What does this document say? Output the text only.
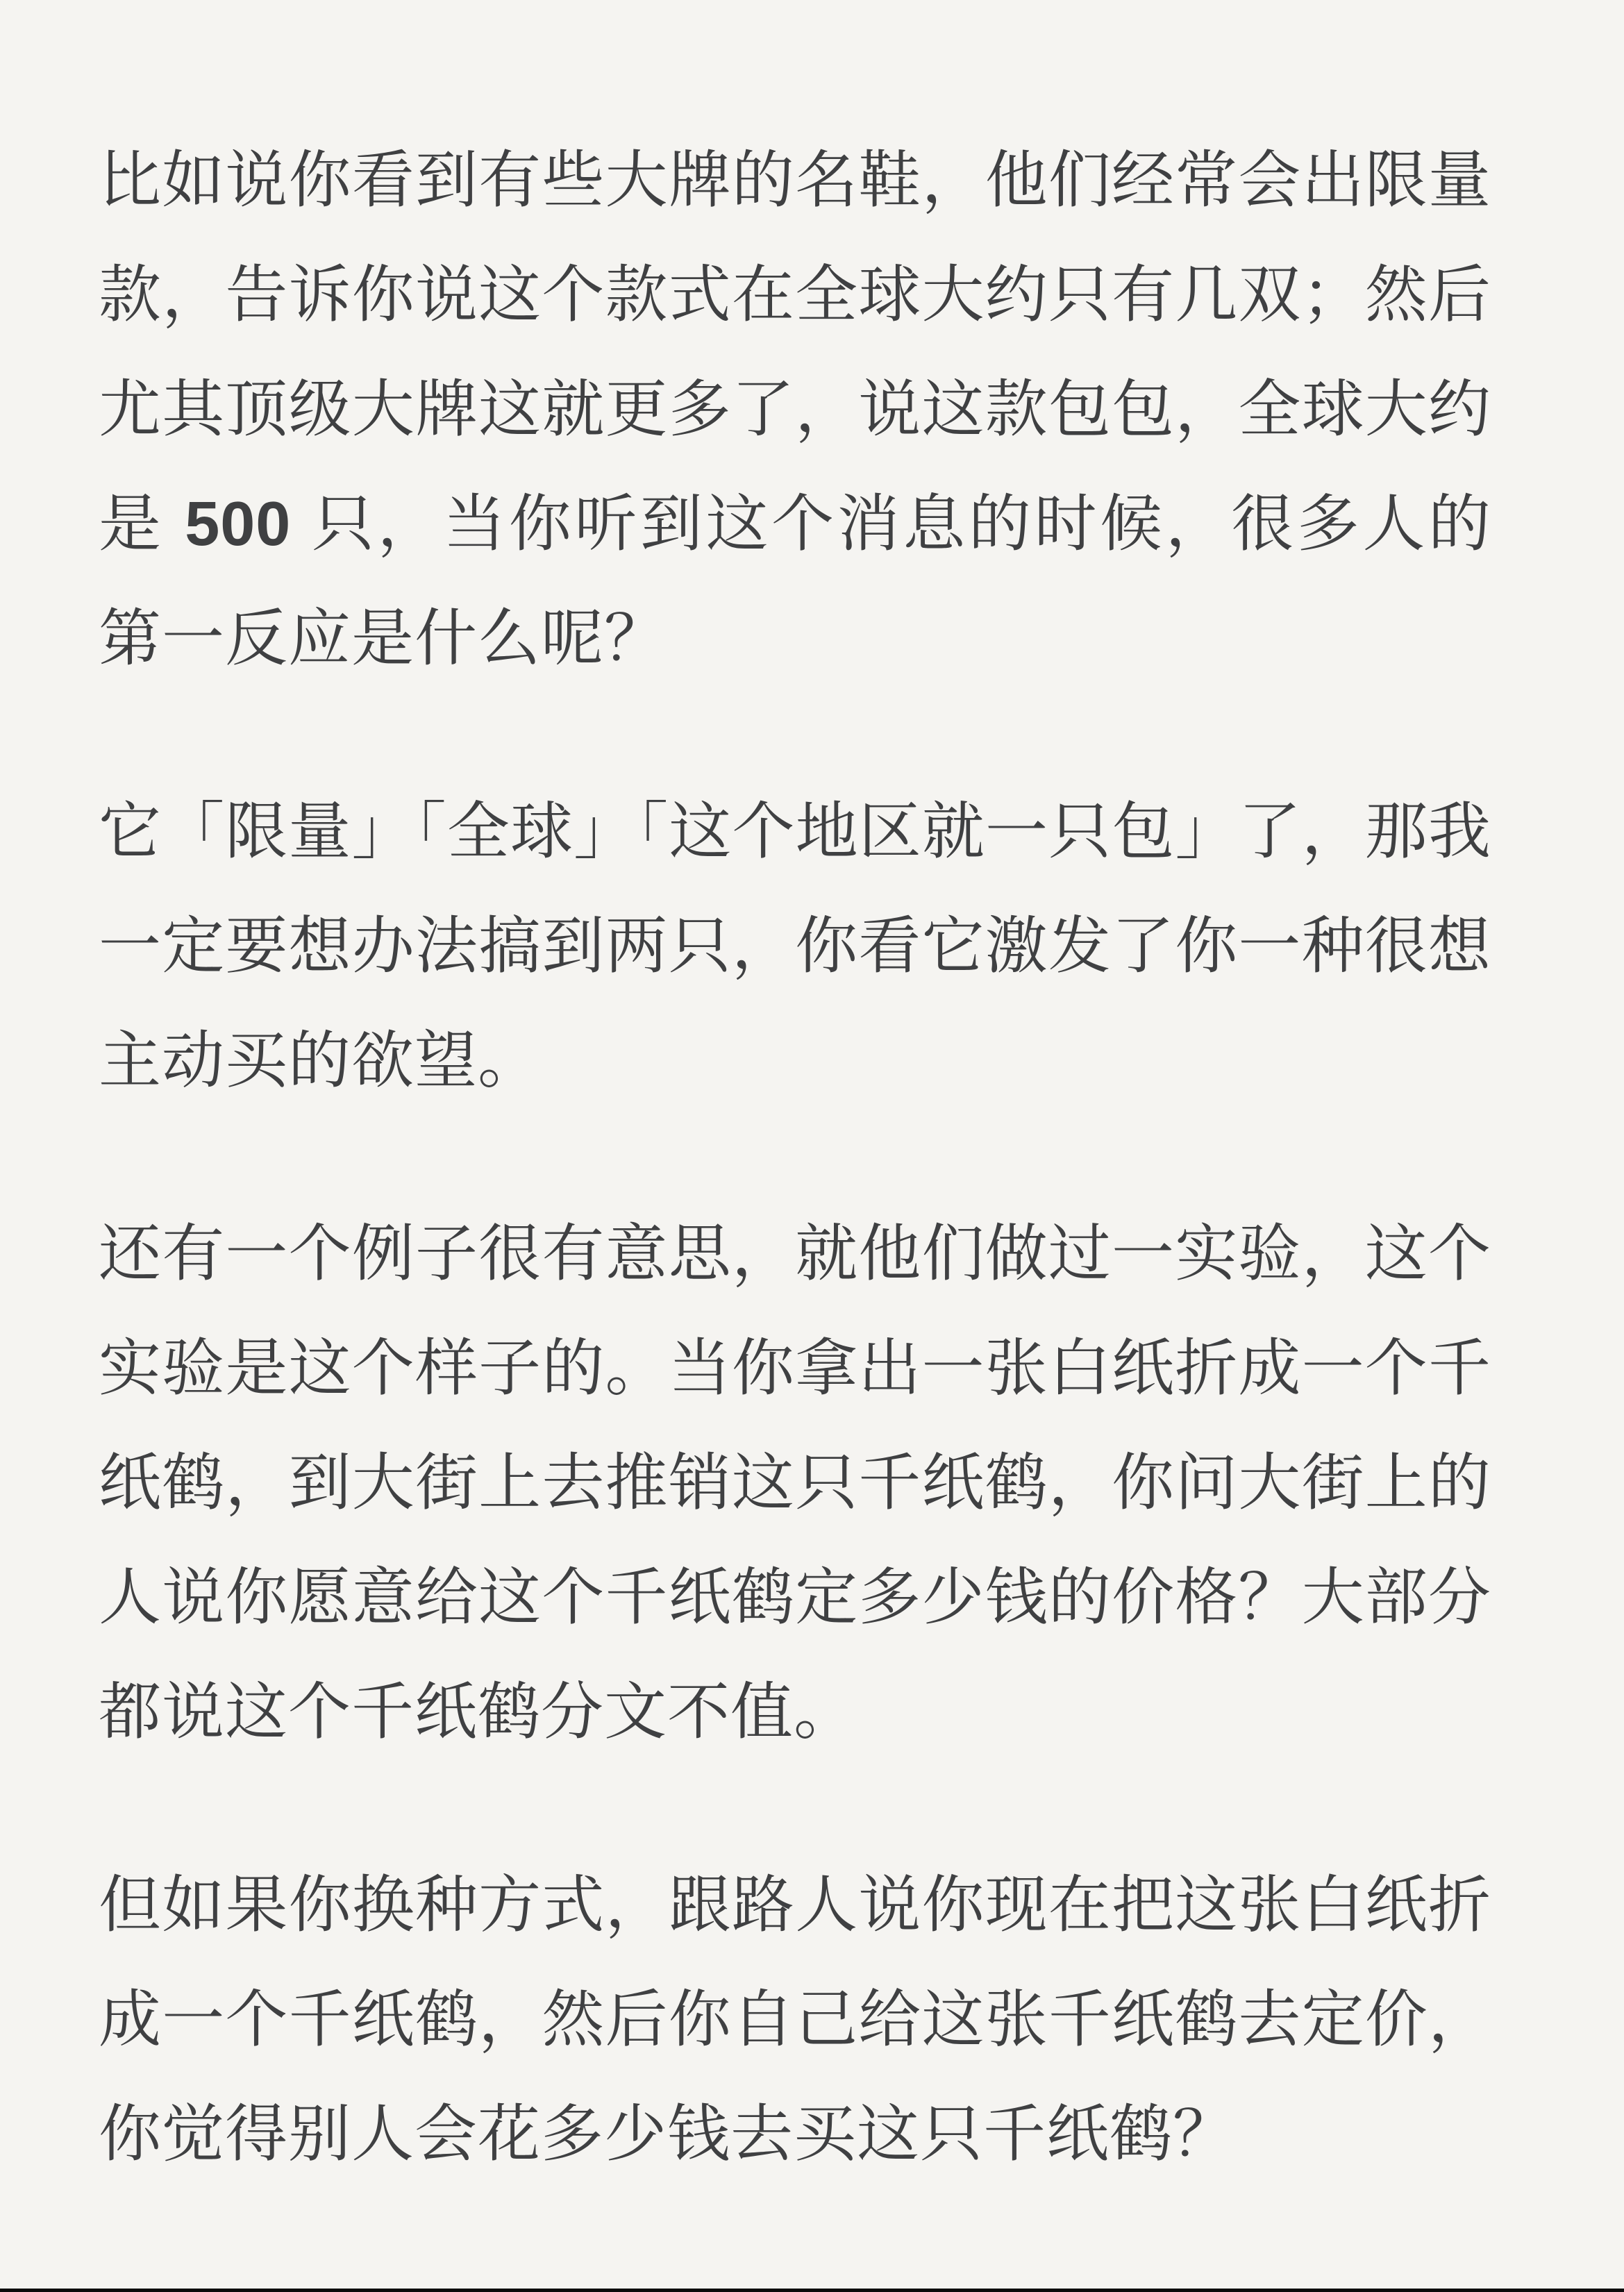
比如说你看到有些大牌的名鞋，他们经常会出限量款，告诉你说这个款式在全球大约只有几双；然后尤其顶级大牌这就更多了，说这款包包，全球大约是 500 只，当你听到这个消息的时候，很多人的第一反应是什么呢？

它「限量」「全球」「这个地区就一只包」了，那我一定要想办法搞到两只，你看它激发了你一种很想主动买的欲望。

还有一个例子很有意思，就他们做过一实验，这个实验是这个样子的。当你拿出一张白纸折成一个千纸鹤，到大街上去推销这只千纸鹤，你问大街上的人说你愿意给这个千纸鹤定多少钱的价格？大部分都说这个千纸鹤分文不值。

但如果你换种方式，跟路人说你现在把这张白纸折成一个千纸鹤，然后你自己给这张千纸鹤去定价，你觉得别人会花多少钱去买这只千纸鹤？
